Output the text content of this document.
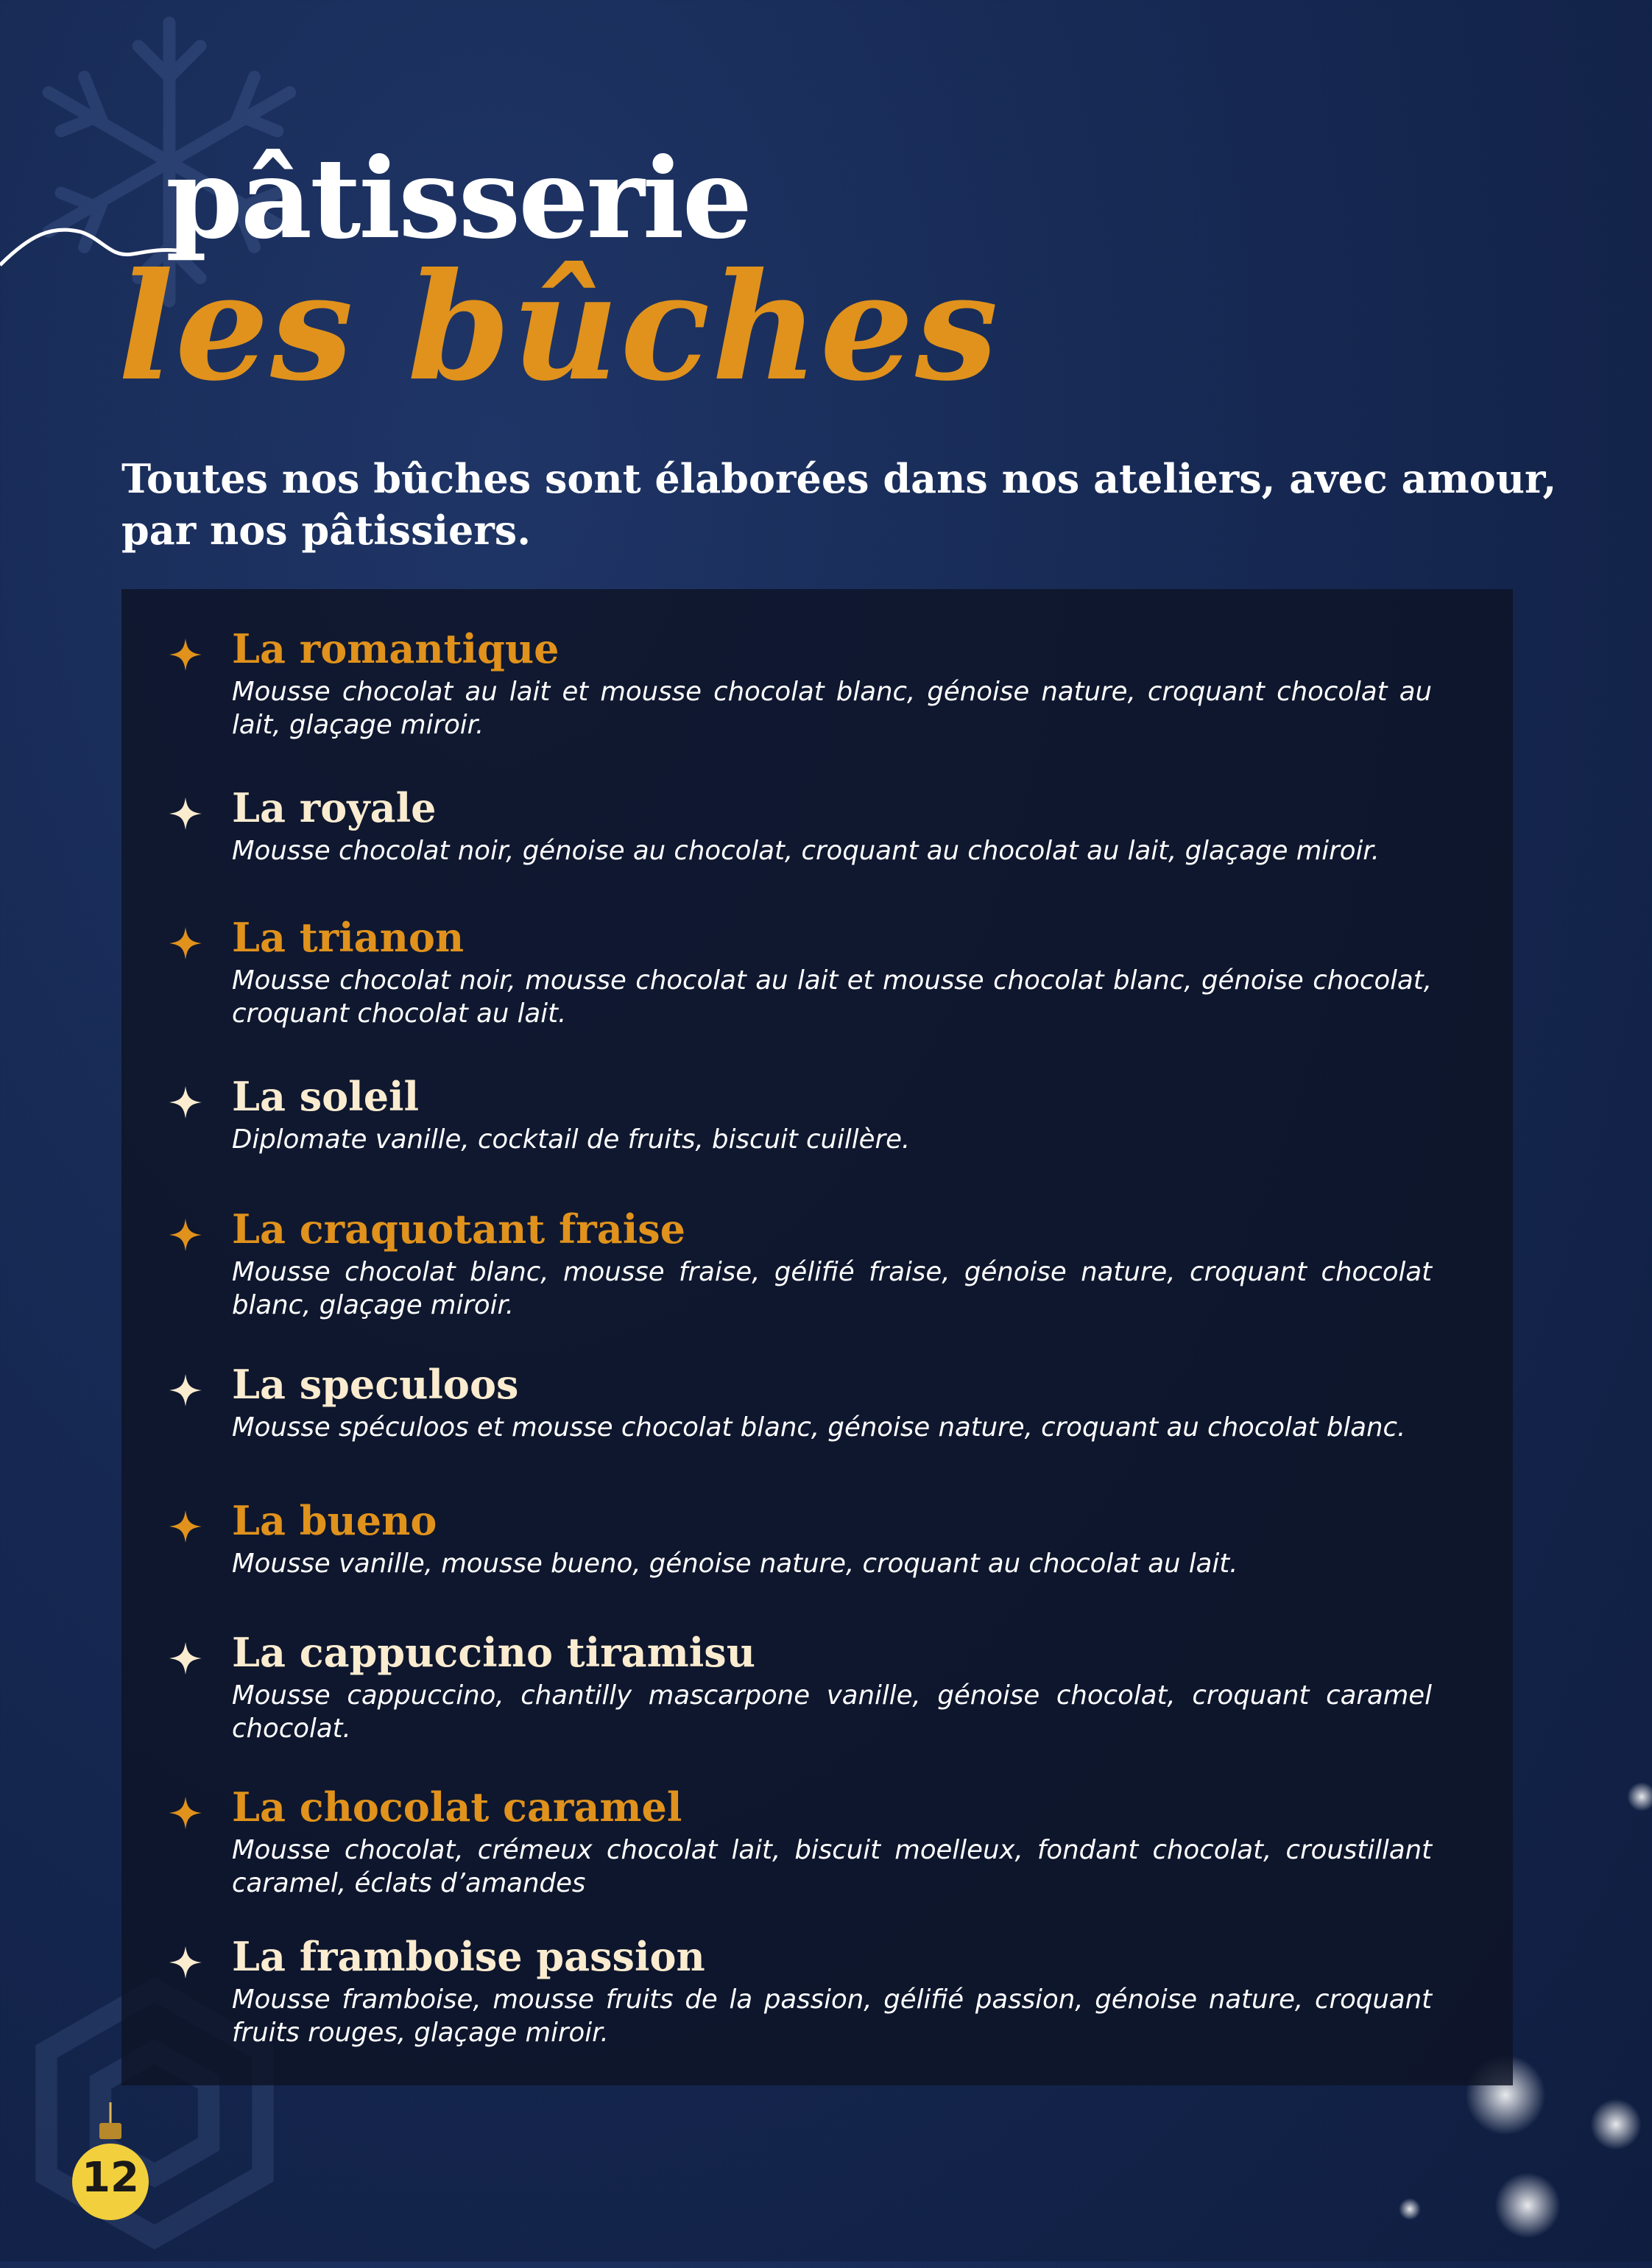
pâtisserie
les bûches

Toutes nos bûches sont élaborées dans nos ateliers, avec amour, par nos pâtissiers.

La romantique

Mousse chocolat au lait et mousse chocolat blanc, génoise nature, croquant chocolat au lait, glaçage miroir.

La royale

Mousse chocolat noir, génoise au chocolat, croquant au chocolat au lait, glaçage miroir.

La trianon

Mousse chocolat noir, mousse chocolat au lait et mousse chocolat blanc, génoise chocolat, croquant chocolat au lait.

La soleil

Diplomate vanille, cocktail de fruits, biscuit cuillère.

La craquotant fraise

Mousse chocolat blanc, mousse fraise, gélifié fraise, génoise nature, croquant chocolat blanc, glaçage miroir.

La speculoos

Mousse spéculoos et mousse chocolat blanc, génoise nature, croquant au chocolat blanc.

La bueno

Mousse vanille, mousse bueno, génoise nature, croquant au chocolat au lait.

La cappuccino tiramisu

Mousse cappuccino, chantilly mascarpone vanille, génoise chocolat, croquant caramel chocolat.

La chocolat caramel

Mousse chocolat, crémeux chocolat lait, biscuit moelleux, fondant chocolat, croustillant caramel, éclats d’amandes

La framboise passion

Mousse framboise, mousse fruits de la passion, gélifié passion, génoise nature, croquant fruits rouges, glaçage miroir.

12
